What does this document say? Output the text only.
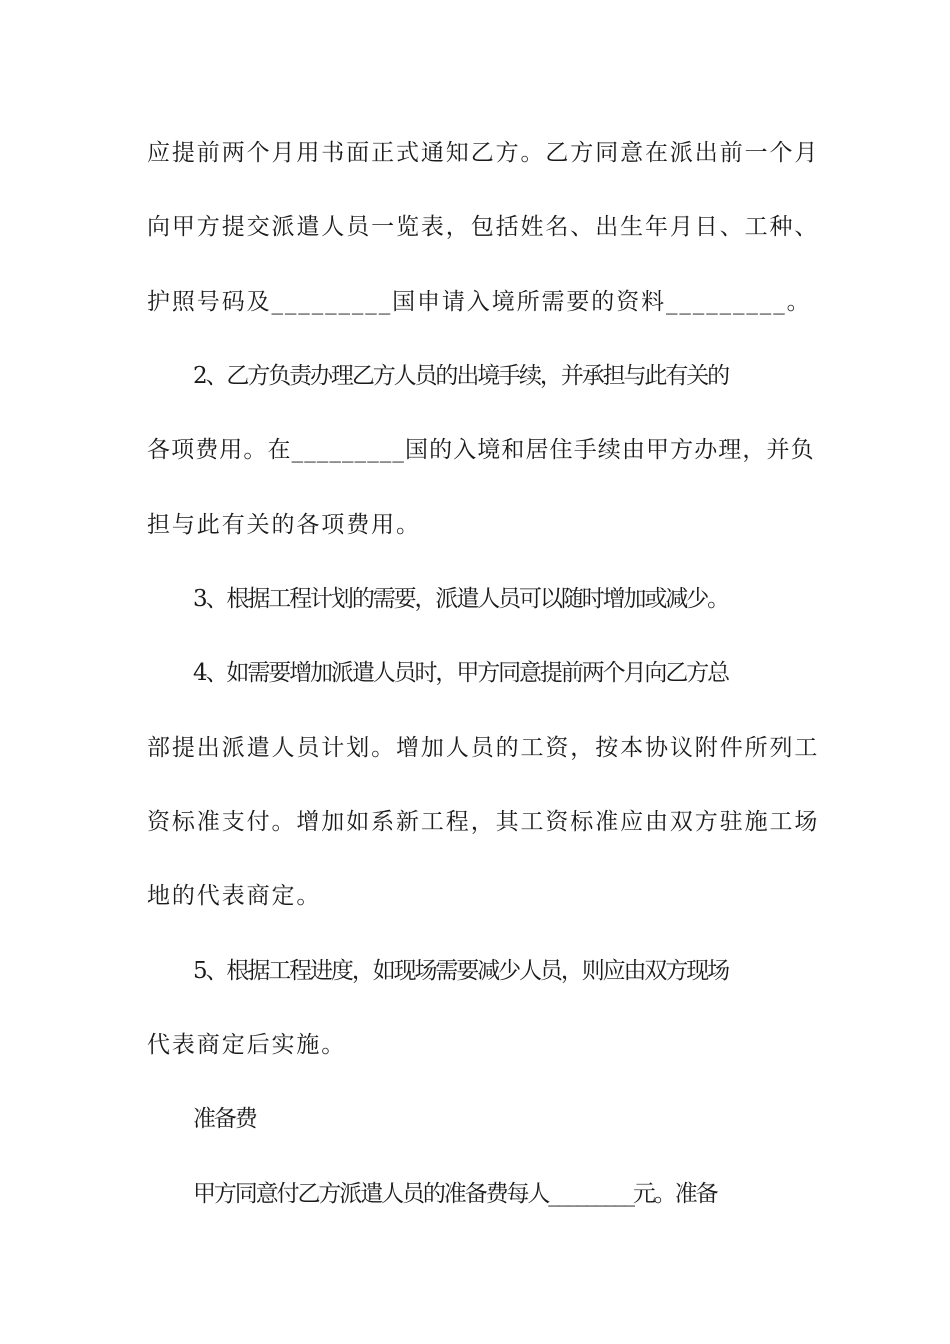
应提前两个月用书面正式通知乙方。乙方同意在派出前一个月
向甲方提交派遣人员一览表，包括姓名、出生年月日、工种、
护照号码及_________国申请入境所需要的资料_________。
2、乙方负责办理乙方人员的出境手续，并承担与此有关的
各项费用。在_________国的入境和居住手续由甲方办理，并负
担与此有关的各项费用。
3、根据工程计划的需要，派遣人员可以随时增加或减少。
4、如需要增加派遣人员时，甲方同意提前两个月向乙方总
部提出派遣人员计划。增加人员的工资，按本协议附件所列工
资标准支付。增加如系新工程，其工资标准应由双方驻施工场
地的代表商定。
5、根据工程进度，如现场需要减少人员，则应由双方现场
代表商定后实施。
准备费
甲方同意付乙方派遣人员的准备费每人_________元。准备
